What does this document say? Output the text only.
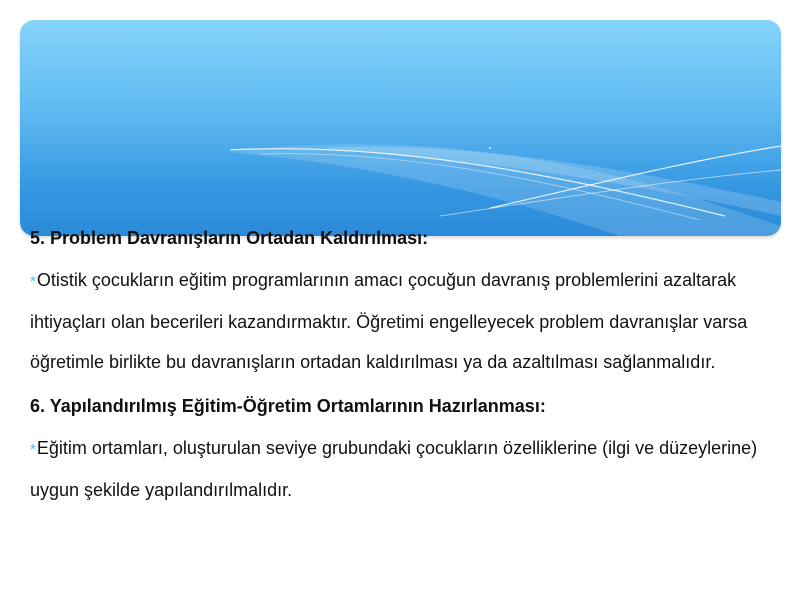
5. Problem Davranışların Ortadan Kaldırılması:

*Otistik çocukların eğitim programlarının amacı çocuğun davranış problemlerini azaltarak ihtiyaçları olan becerileri kazandırmaktır. Öğretimi engelleyecek problem davranışlar varsa öğretimle birlikte bu davranışların ortadan kaldırılması ya da azaltılması sağlanmalıdır.

6. Yapılandırılmış Eğitim-Öğretim Ortamlarının Hazırlanması:

*Eğitim ortamları, oluşturulan seviye grubundaki çocukların özelliklerine (ilgi ve düzeylerine) uygun şekilde yapılandırılmalıdır.
